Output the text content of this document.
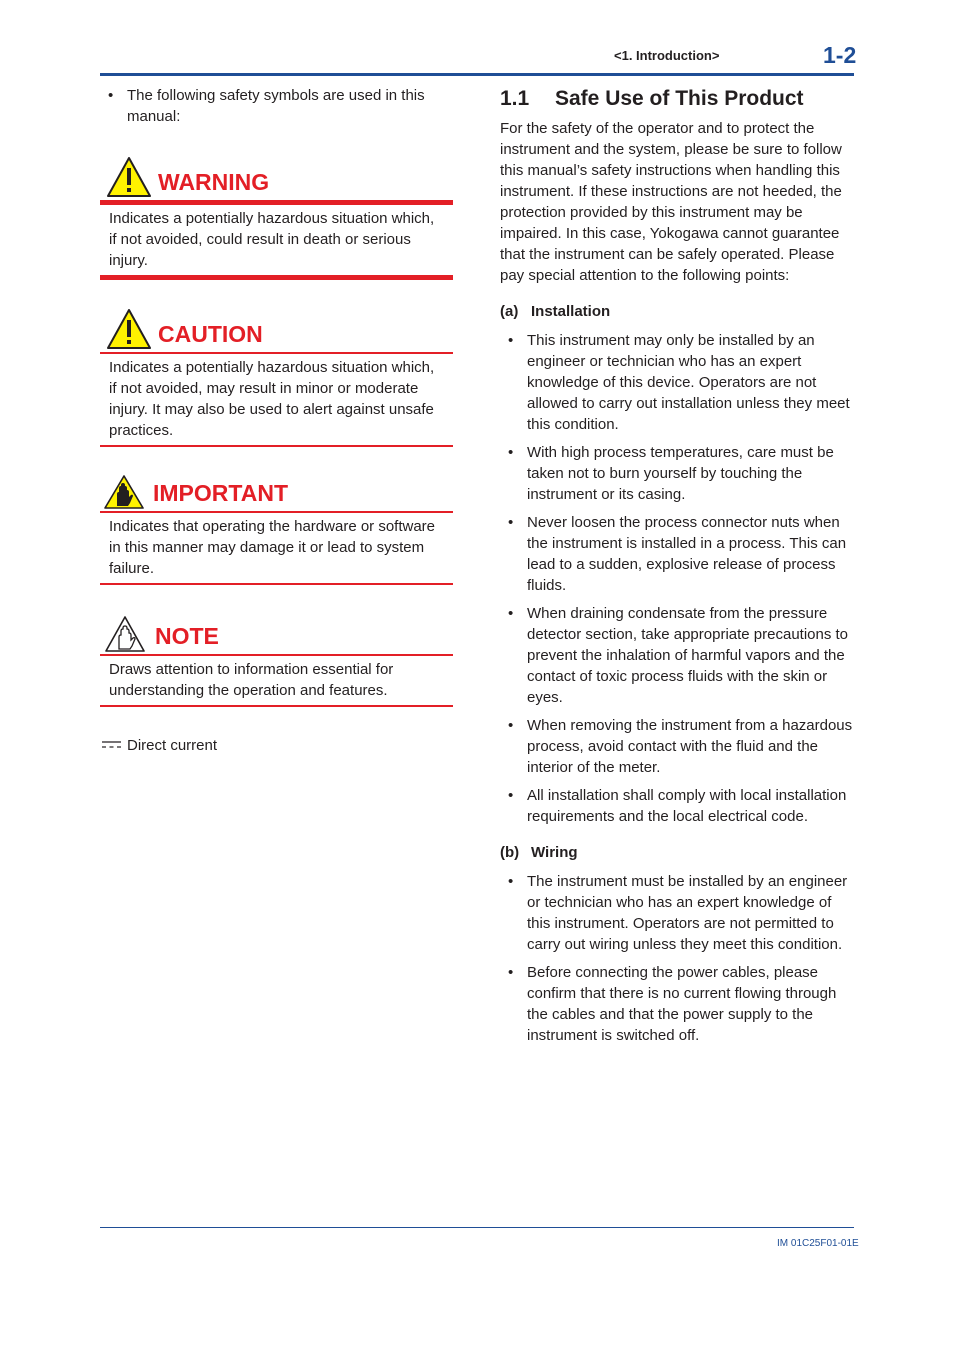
<1. Introduction>	1-2
• The following safety symbols are used in this manual:
WARNING
Indicates a potentially hazardous situation which, if not avoided, could result in death or serious injury.
CAUTION
Indicates a potentially hazardous situation which, if not avoided, may result in minor or moderate injury. It may also be used to alert against unsafe practices.
IMPORTANT
Indicates that operating the hardware or software in this manner may damage it or lead to system failure.
NOTE
Draws attention to information essential for understanding the operation and features.
Direct current
1.1 Safe Use of This Product
For the safety of the operator and to protect the instrument and the system, please be sure to follow this manual’s safety instructions when handling this instrument. If these instructions are not heeded, the protection provided by this instrument may be impaired. In this case, Yokogawa cannot guarantee that the instrument can be safely operated. Please pay special attention to the following points:
(a) Installation
• This instrument may only be installed by an engineer or technician who has an expert knowledge of this device. Operators are not allowed to carry out installation unless they meet this condition.
• With high process temperatures, care must be taken not to burn yourself by touching the instrument or its casing.
• Never loosen the process connector nuts when the instrument is installed in a process. This can lead to a sudden, explosive release of process fluids.
• When draining condensate from the pressure detector section, take appropriate precautions to prevent the inhalation of harmful vapors and the contact of toxic process fluids with the skin or eyes.
• When removing the instrument from a hazardous process, avoid contact with the fluid and the interior of the meter.
• All installation shall comply with local installation requirements and the local electrical code.
(b) Wiring
• The instrument must be installed by an engineer or technician who has an expert knowledge of this instrument. Operators are not permitted to carry out wiring unless they meet this condition.
• Before connecting the power cables, please confirm that there is no current flowing through the cables and that the power supply to the instrument is switched off.
IM 01C25F01-01E
